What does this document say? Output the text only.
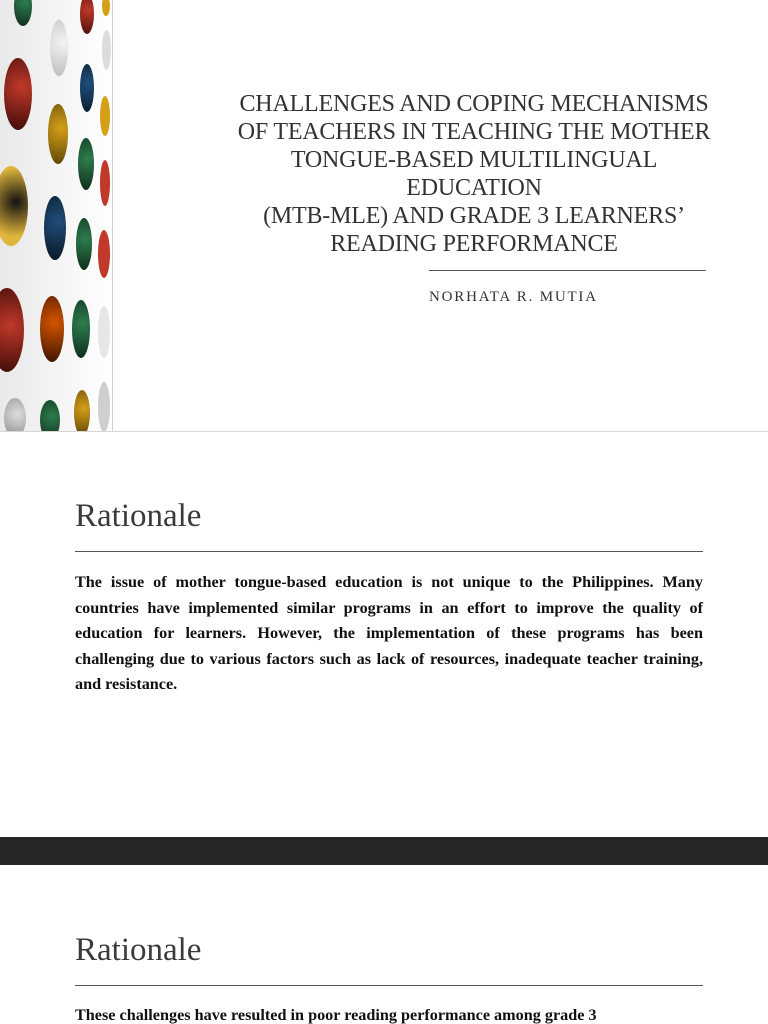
CHALLENGES AND COPING MECHANISMS
OF TEACHERS IN TEACHING THE MOTHER
TONGUE-BASED MULTILINGUAL
EDUCATION
(MTB-MLE) AND GRADE 3 LEARNERS’
READING PERFORMANCE
NORHATA R. MUTIA
Rationale

The issue of mother tongue-based education is not unique to the Philippines. Many countries have implemented similar programs in an effort to improve the quality of education for learners. However, the implementation of these programs has been challenging due to various factors such as lack of resources, inadequate teacher training, and resistance.

Rationale

These challenges have resulted in poor reading performance among grade 3
